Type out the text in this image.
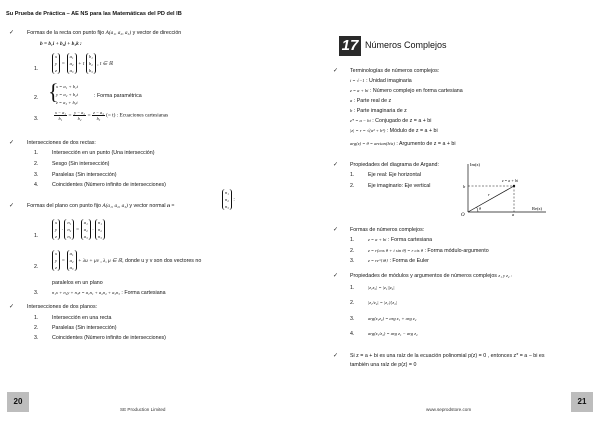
Su Prueba de Práctica – AE NS para las Matemáticas del PD del IB
✓ Formas de la recta con punto fijo A(a₁, a₂, a₃) y vector de dirección
b = b₁i + b₂j + b₃k :
1.
x
y
z
=
a₁
a₂
a₃
+ t
b₁
b₂
b₃
, t ∈ ℝ
2. {
x = a₁ + b₁t
y = a₂ + b₂t
z = a₃ + b₃t
: Forma paramétrica
3.	$\frac{\text{x − a₁}}{\text{b₁}} = \frac{\text{y − a₂}}{\text{b₂}} = \frac{\text{z − a₃}}{\text{b₃}}$ (= t) : Ecuaciones cartesianas
✓ Intersecciones de dos rectas:
1.	Intersección en un punto (Una intersección)
2.	Sesgo (Sin intersección)
3.	Paralelas (Sin intersección)
4.	Coincidentes (Número infinito de intersecciones)
✓ Formas del plano con punto fijo A(a₁, a₂, a₃) y vector normal n =
n₁
n₂
n₃
:
1.
x
y
z
·
n₁
n₂
n₃
=
a₁
a₂
a₃
·
n₁
n₂
n₃
2.
x
y
z
=
a₁
a₂
a₃
+ λu + μv , λ, μ ∈ ℝ, donde u y v son dos vectores no
paralelos en un plano
3.	n₁x + n₂y + n₃z = a₁n₁ + a₂n₂ + a₃n₃ : Forma cartesiana
✓ Intersecciones de dos planos:
1.	Intersección en una recta
2.	Paralelas (Sin intersección)
3.	Coincidentes (Número infinito de intersecciones)
17 Números Complejos
✓ Terminologías de números complejos:
i = √−1 : Unidad imaginaria
z = a + bi : Número complejo en forma cartesiana
a : Parte real de z
b : Parte imaginaria de z
z* = a − bi : Conjugado de z = a + bi
|z| = r = √(a² + b²) : Módulo de z = a + bi
arg(z) = θ = arctan(b/a) : Argumento de z = a + bi
✓ Propiedades del diagrama de Argand:
1.	Eje real: Eje horizontal
2.	Eje imaginario: Eje vertical
Im(z)
Re(z)
z = a + bi
b
a
O
r
θ
✓ Formas de números complejos:
1.	z = a + bi : Forma cartesiana
2.	z = r(cos θ + i sin θ) = r cis θ : Forma módulo-argumento
3.	z = re^{iθ} : Forma de Euler
✓ Propiedades de módulos y argumentos de números complejos z₁ y z₂ :
1.	|z₁z₂| = |z₁||z₂|
2.	|z₁/z₂| = |z₁|/|z₂|
3.	arg(z₁z₂) = arg z₁ + arg z₂
4.	arg(z₁/z₂) = arg z₁ − arg z₂
✓ Si z = a + bi es una raíz de la ecuación polinomial p(z) = 0 , entonces z* = a − bi es
también una raíz de p(z) = 0
20	21
SE Production Limited	www.seprodstore.com
